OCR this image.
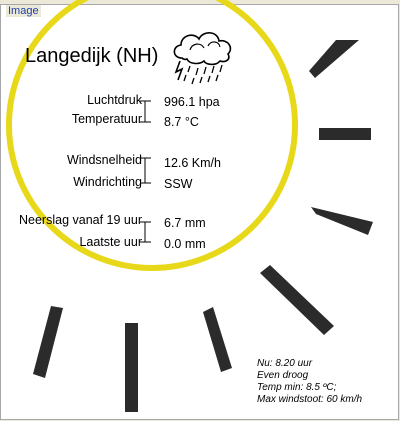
Image
Langedijk (NH)
Luchtdruk 996.1 hpa
Temperatuur 8.7 °C
Windsnelheid 12.6 Km/h
Windrichting SSW
Neerslag vanaf 19 uur 6.7 mm
Laatste uur 0.0 mm
Nu: 8.20 uur
Even droog
Temp min: 8.5 ºC;
Max windstoot: 60 km/h
